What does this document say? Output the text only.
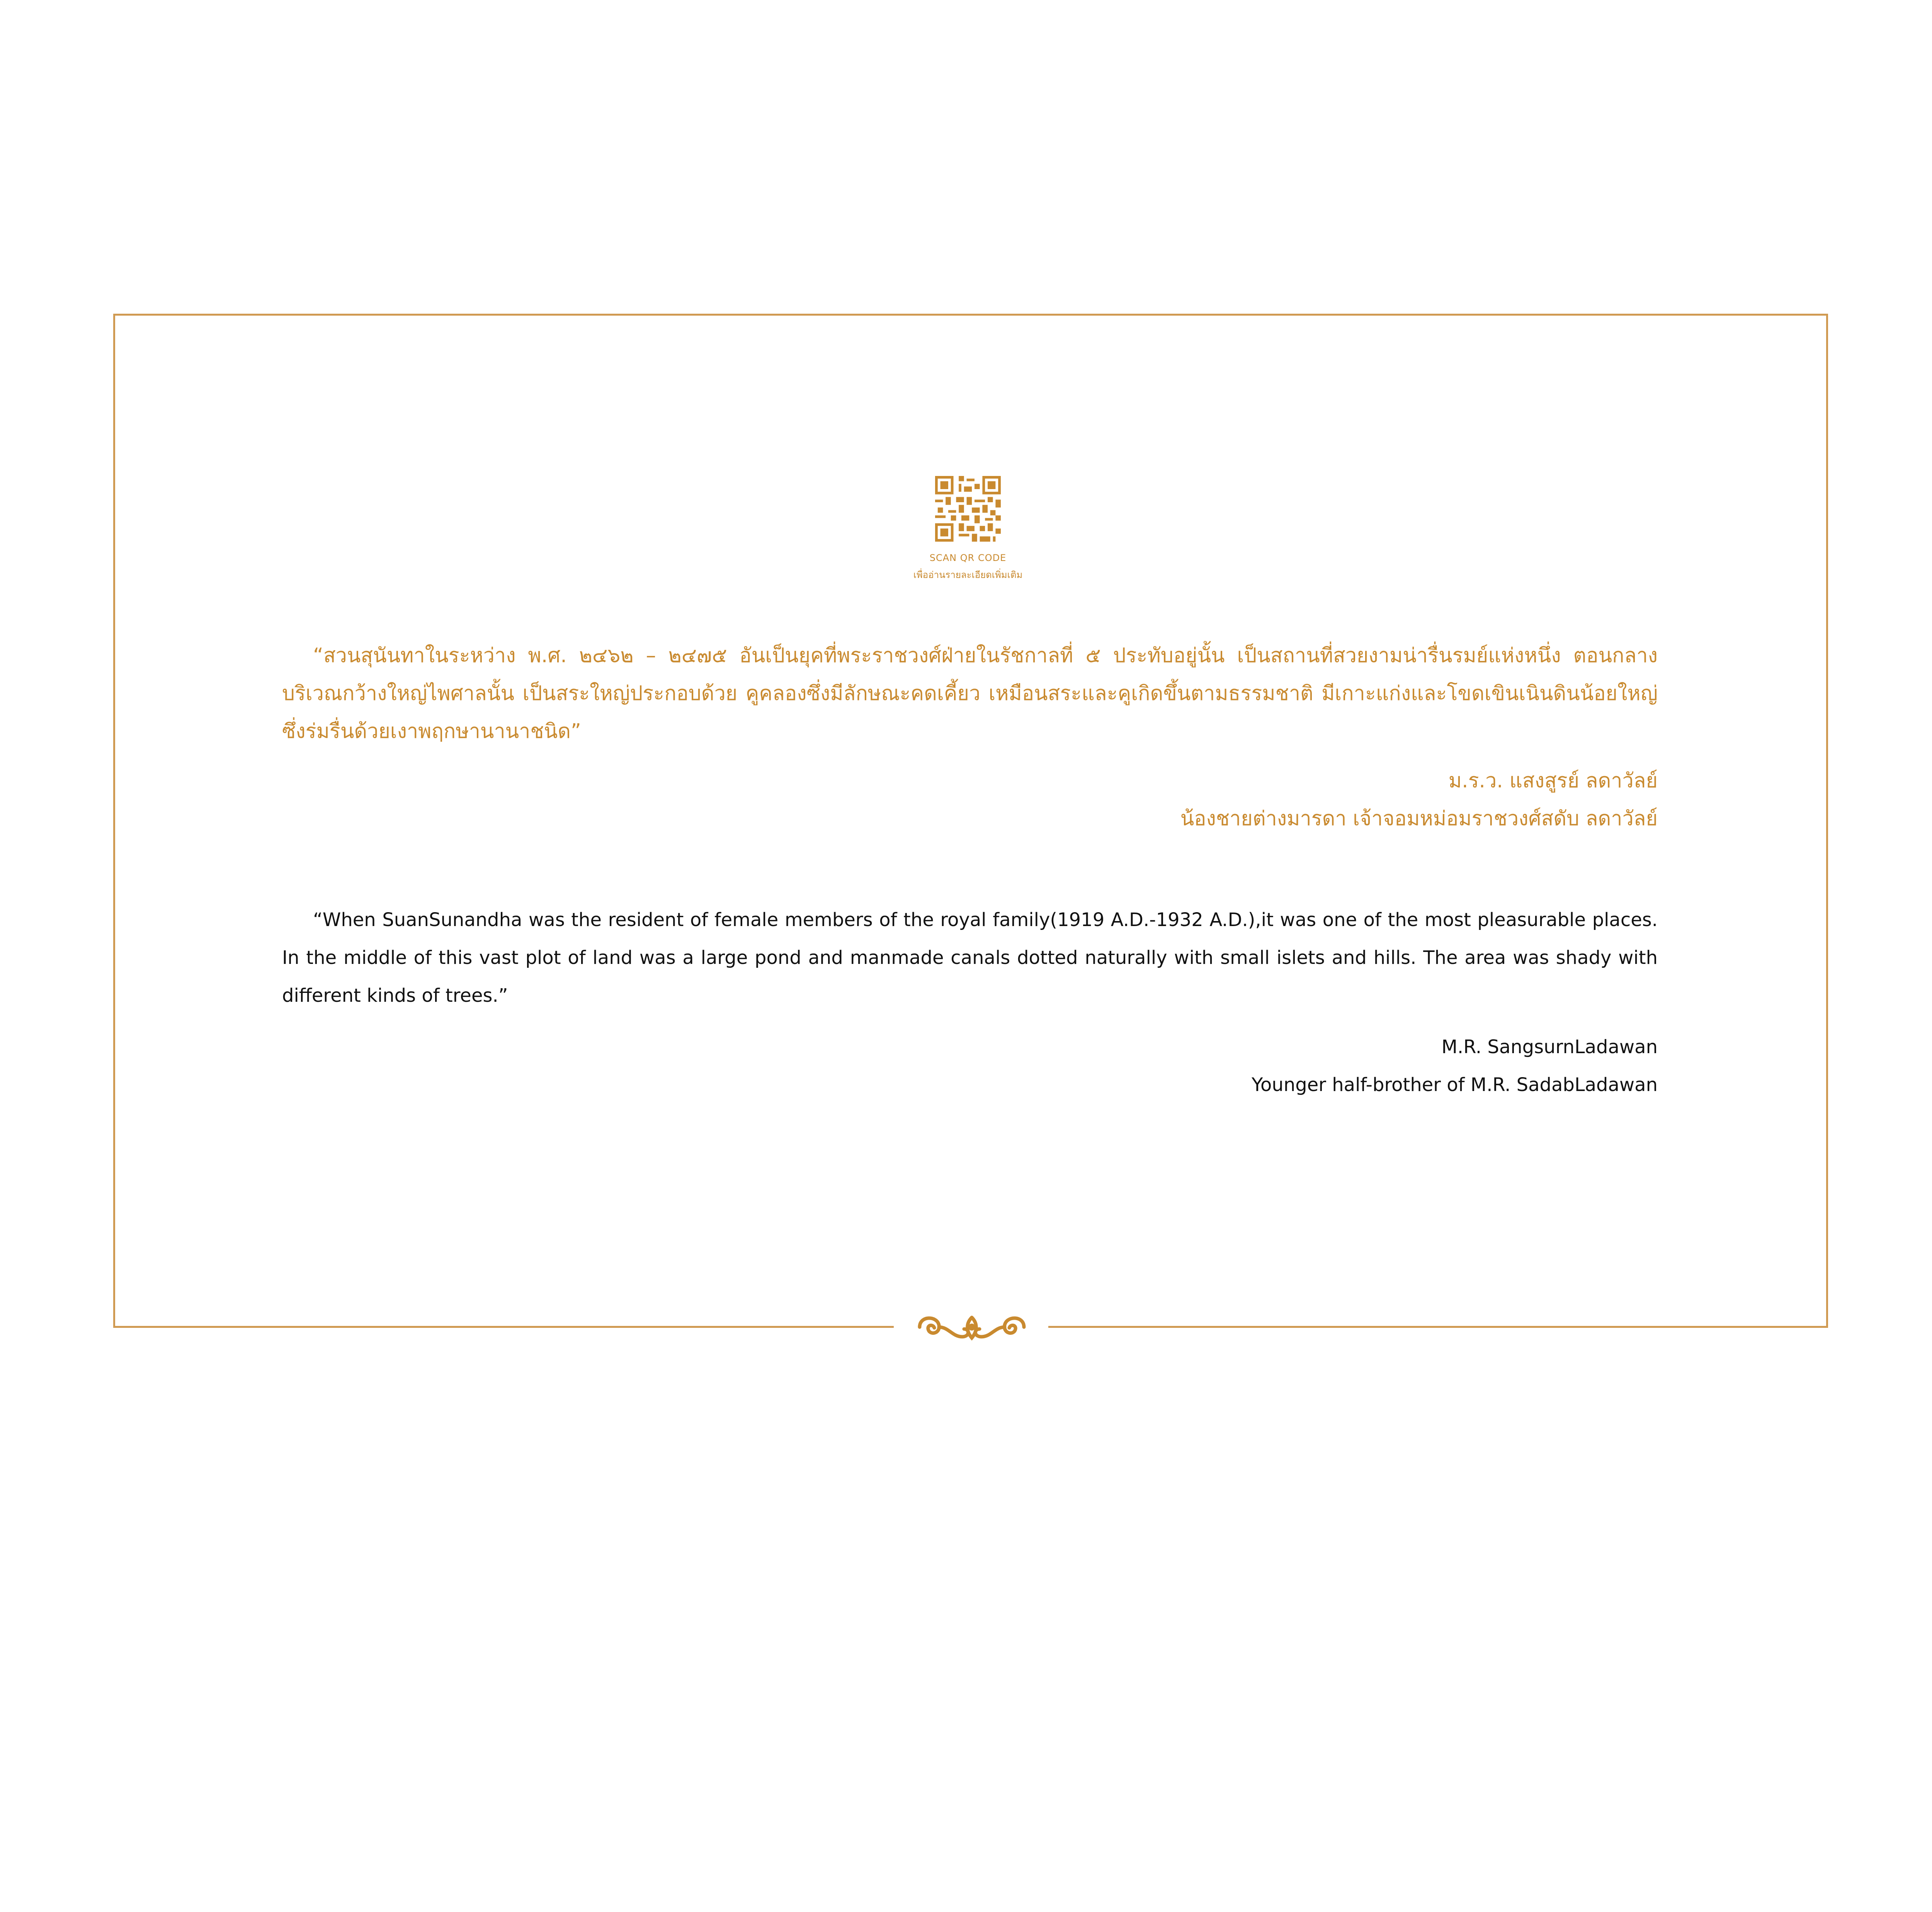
SCAN QR CODE
เพื่ออ่านรายละเอียดเพิ่มเติม
“สวนสุนันทาในระหว่าง พ.ศ. ๒๔๖๒ – ๒๔๗๕ อันเป็นยุคที่พระราชวงศ์ฝ่ายในรัชกาลที่ ๕ ประทับอยู่นั้น เป็นสถานที่สวยงามน่ารื่นรมย์แห่งหนึ่ง ตอนกลางบริเวณกว้างใหญ่ไพศาลนั้น เป็นสระใหญ่ประกอบด้วย คูคลองซึ่งมีลักษณะคดเคี้ยว เหมือนสระและคูเกิดขึ้นตามธรรมชาติ มีเกาะแก่งและโขดเขินเนินดินน้อยใหญ่ ซึ่งร่มรื่นด้วยเงาพฤกษานานาชนิด”
ม.ร.ว. แสงสูรย์ ลดาวัลย์
น้องชายต่างมารดา เจ้าจอมหม่อมราชวงศ์สดับ ลดาวัลย์
“When SuanSunandha was the resident of female members of the royal family(1919 A.D.-1932 A.D.),it was one of the most pleasurable places. In the middle of this vast plot of land was a large pond and manmade canals dotted naturally with small islets and hills. The area was shady with different kinds of trees.”
M.R. SangsurnLadawan
Younger half-brother of M.R. SadabLadawan
